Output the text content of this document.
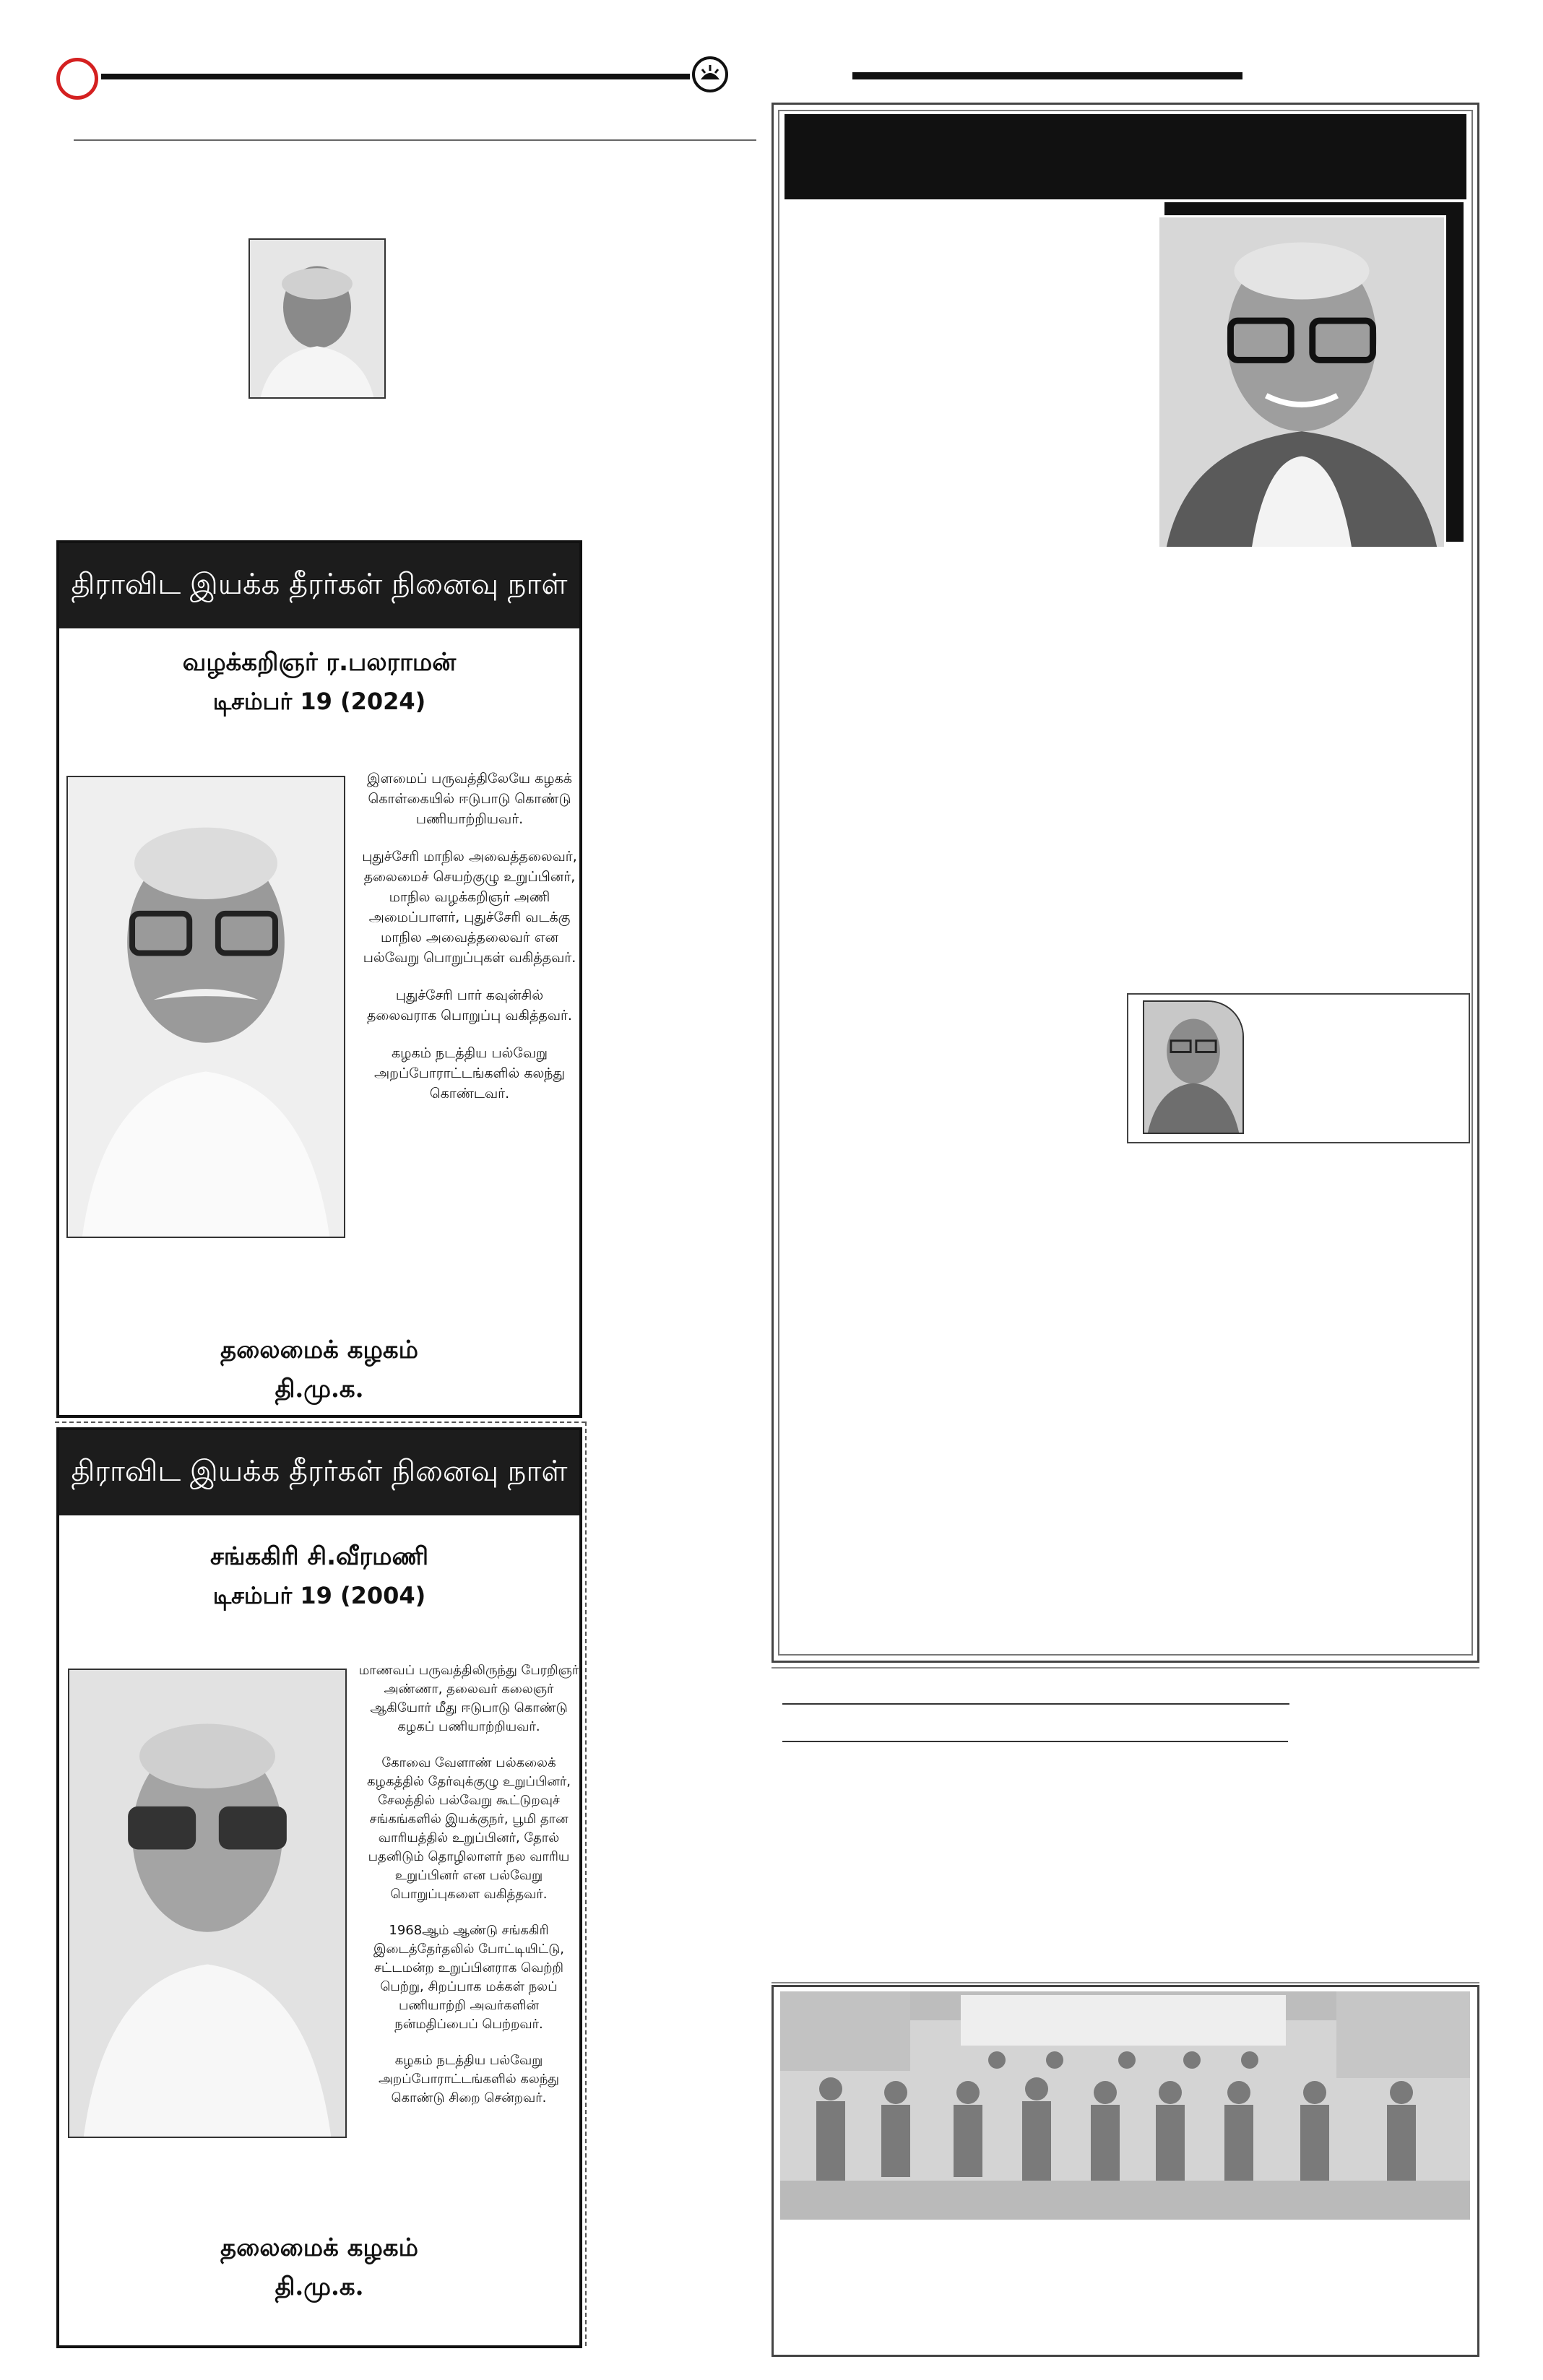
திராவிட இயக்க தீரர்கள் நினைவு நாள்
வழக்கறிஞர் ர.பலராமன்
டிசம்பர் 19 (2024)

இளமைப் பருவத்திலேயே கழகக் கொள்கையில் ஈடுபாடு கொண்டு பணியாற்றியவர்.

புதுச்சேரி மாநில அவைத்தலைவர், தலைமைச் செயற்குழு உறுப்பினர், மாநில வழக்கறிஞர் அணி அமைப்பாளர், புதுச்சேரி வடக்கு மாநில அவைத்தலைவர் என பல்வேறு பொறுப்புகள் வகித்தவர்.

புதுச்சேரி பார் கவுன்சில் தலைவராக பொறுப்பு வகித்தவர்.

கழகம் நடத்திய பல்வேறு அறப்போராட்டங்களில் கலந்து கொண்டவர்.

தலைமைக் கழகம்
தி.மு.க.
திராவிட இயக்க தீரர்கள் நினைவு நாள்
சங்ககிரி சி.வீரமணி
டிசம்பர் 19 (2004)

மாணவப் பருவத்திலிருந்து பேரறிஞர் அண்ணா, தலைவர் கலைஞர் ஆகியோர் மீது ஈடுபாடு கொண்டு கழகப் பணியாற்றியவர்.

கோவை வேளாண் பல்கலைக் கழகத்தில் தேர்வுக்குழு உறுப்பினர், சேலத்தில் பல்வேறு கூட்டுறவுச் சங்கங்களில் இயக்குநர், பூமி தான வாரியத்தில் உறுப்பினர், தோல் பதனிடும் தொழிலாளர் நல வாரிய உறுப்பினர் என பல்வேறு பொறுப்புகளை வகித்தவர்.

1968ஆம் ஆண்டு சங்ககிரி இடைத்தேர்தலில் போட்டியிட்டு, சட்டமன்ற உறுப்பினராக வெற்றி பெற்று, சிறப்பாக மக்கள் நலப் பணியாற்றி அவர்களின் நன்மதிப்பைப் பெற்றவர்.

கழகம் நடத்திய பல்வேறு அறப்போராட்டங்களில் கலந்து கொண்டு சிறை சென்றவர்.

தலைமைக் கழகம்
தி.மு.க.
